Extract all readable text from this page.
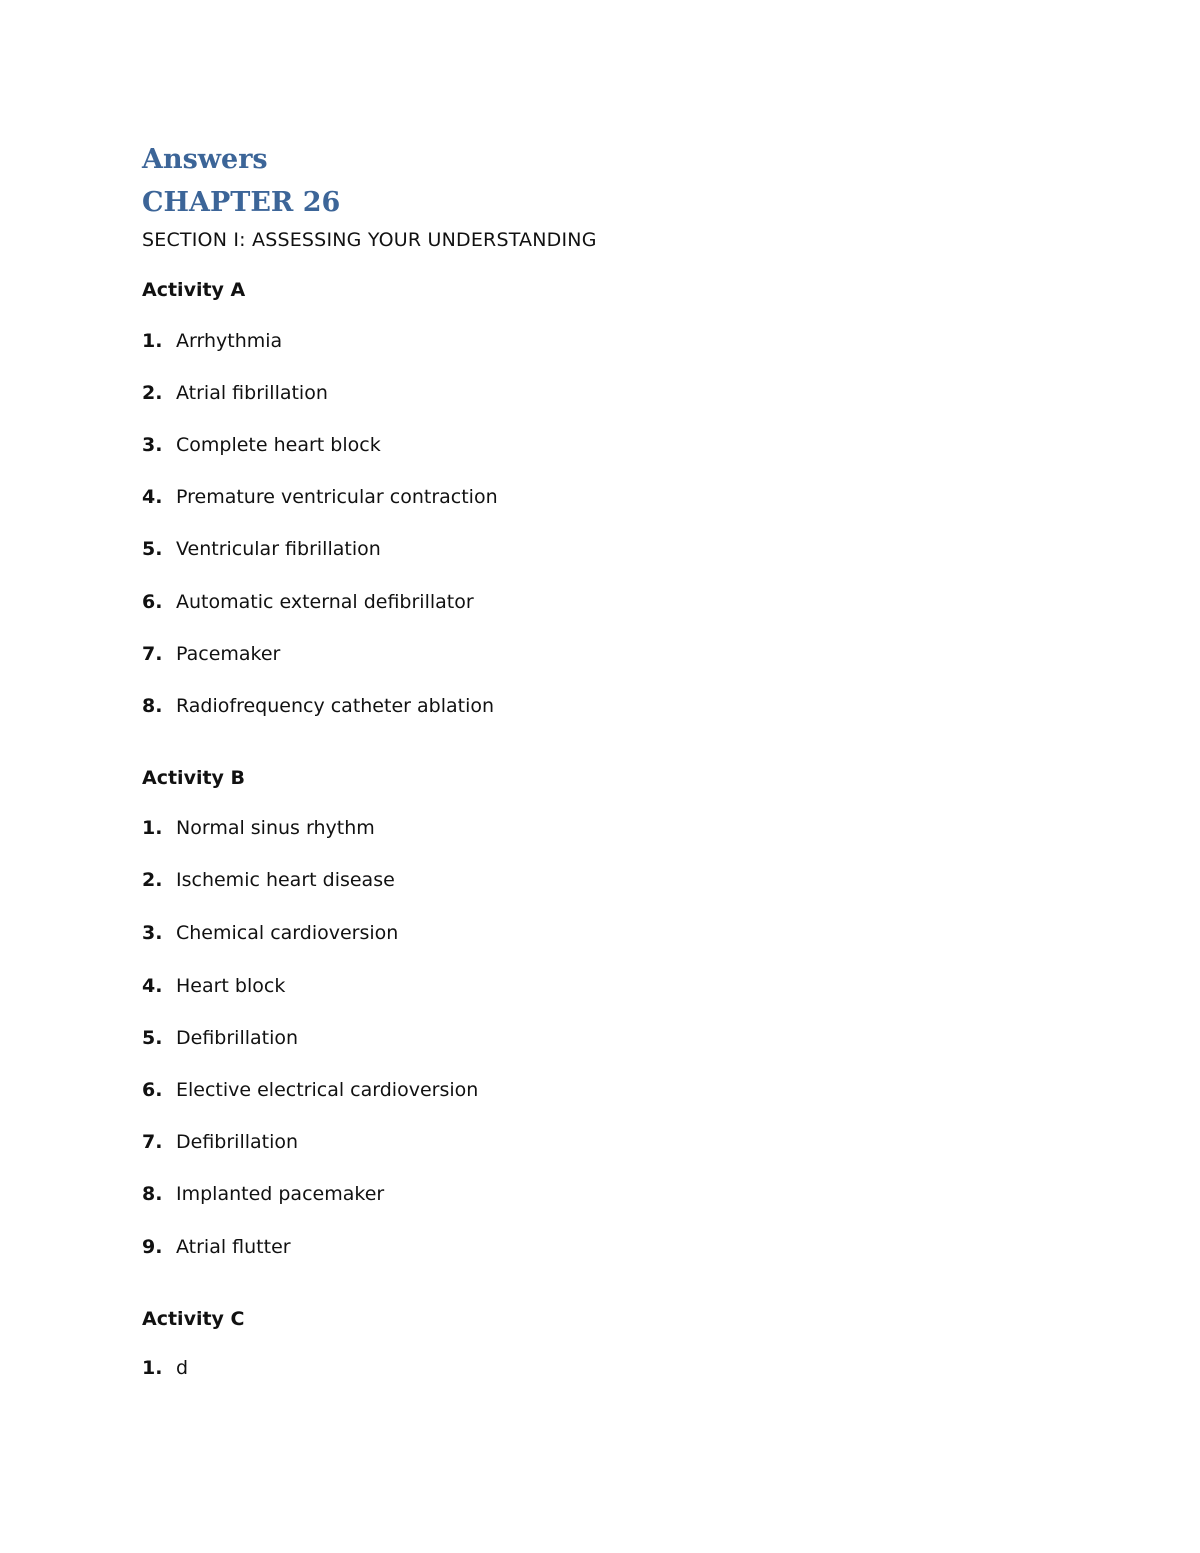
Answers
CHAPTER 26
SECTION I: ASSESSING YOUR UNDERSTANDING
Activity A
1. Arrhythmia
2. Atrial fibrillation
3. Complete heart block
4. Premature ventricular contraction
5. Ventricular fibrillation
6. Automatic external defibrillator
7. Pacemaker
8. Radiofrequency catheter ablation
Activity B
1. Normal sinus rhythm
2. Ischemic heart disease
3. Chemical cardioversion
4. Heart block
5. Defibrillation
6. Elective electrical cardioversion
7. Defibrillation
8. Implanted pacemaker
9. Atrial flutter
Activity C
1. d
